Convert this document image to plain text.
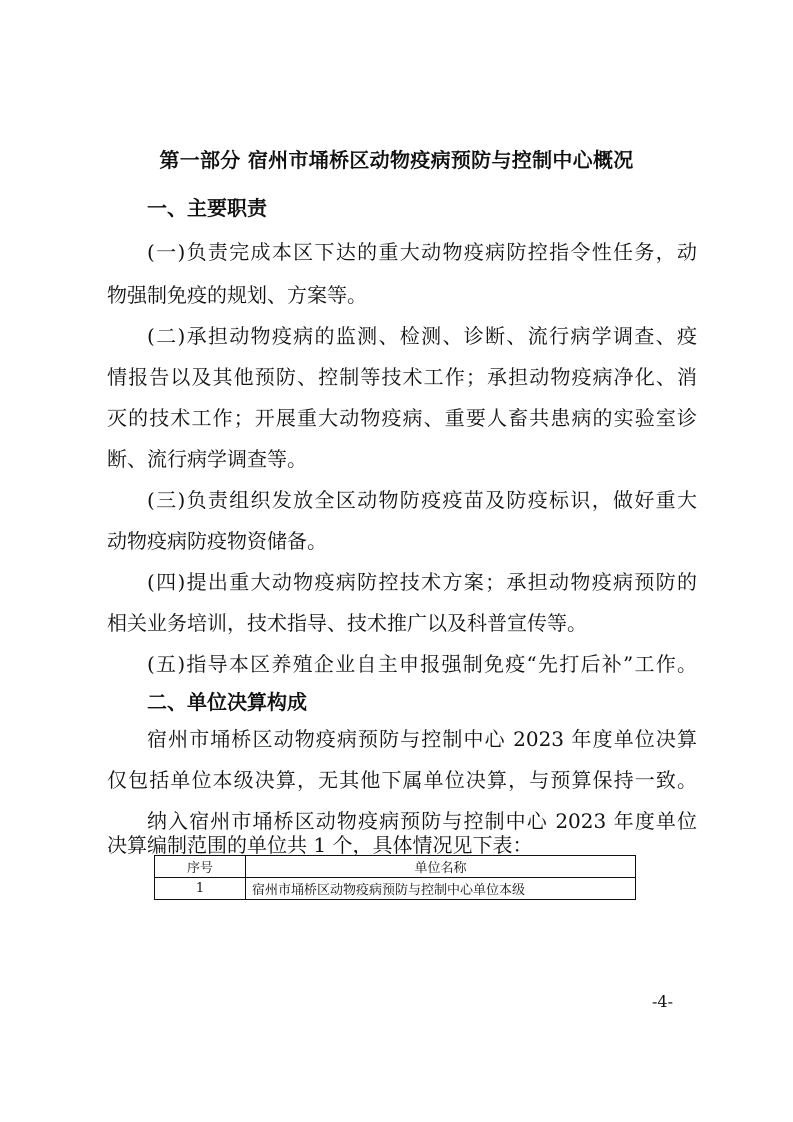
第一部分 宿州市埇桥区动物疫病预防与控制中心概况
一、主要职责
(一)负责完成本区下达的重大动物疫病防控指令性任务，动
物强制免疫的规划、方案等。
(二)承担动物疫病的监测、检测、诊断、流行病学调查、疫
情报告以及其他预防、控制等技术工作；承担动物疫病净化、消
灭的技术工作；开展重大动物疫病、重要人畜共患病的实验室诊
断、流行病学调查等。
(三)负责组织发放全区动物防疫疫苗及防疫标识，做好重大
动物疫病防疫物资储备。
(四)提出重大动物疫病防控技术方案；承担动物疫病预防的
相关业务培训，技术指导、技术推广以及科普宣传等。
(五)指导本区养殖企业自主申报强制免疫“先打后补”工作。
二、单位决算构成
宿州市埇桥区动物疫病预防与控制中心 2023 年度单位决算
仅包括单位本级决算，无其他下属单位决算，与预算保持一致。
纳入宿州市埇桥区动物疫病预防与控制中心 2023 年度单位
决算编制范围的单位共 1 个，具体情况见下表：
序号	单位名称
1	宿州市埇桥区动物疫病预防与控制中心单位本级
-4-
